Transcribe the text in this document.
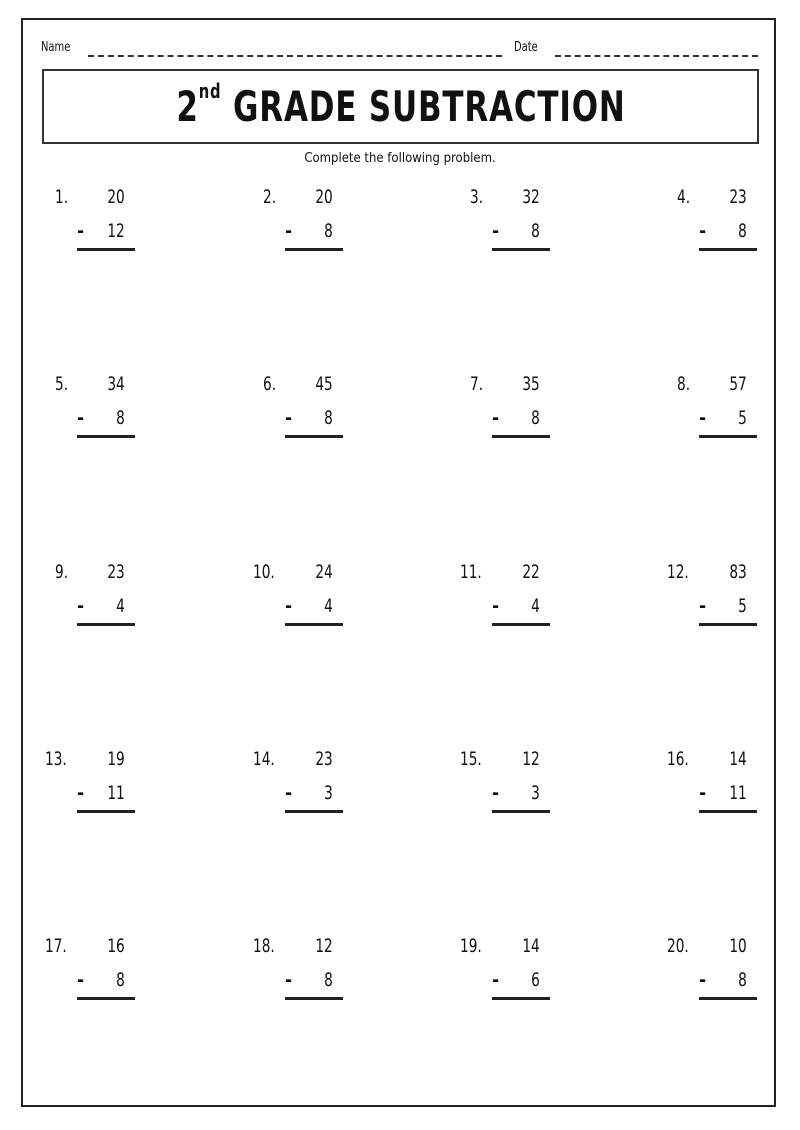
Name	Date
2nd GRADE SUBTRACTION
Complete the following problem.
1. 20
- 12
2. 20
- 8
3. 32
- 8
4. 23
- 8
5. 34
- 8
6. 45
- 8
7. 35
- 8
8. 57
- 5
9. 23
- 4
10. 24
- 4
11. 22
- 4
12. 83
- 5
13. 19
- 11
14. 23
- 3
15. 12
- 3
16. 14
- 11
17. 16
- 8
18. 12
- 8
19. 14
- 6
20. 10
- 8
